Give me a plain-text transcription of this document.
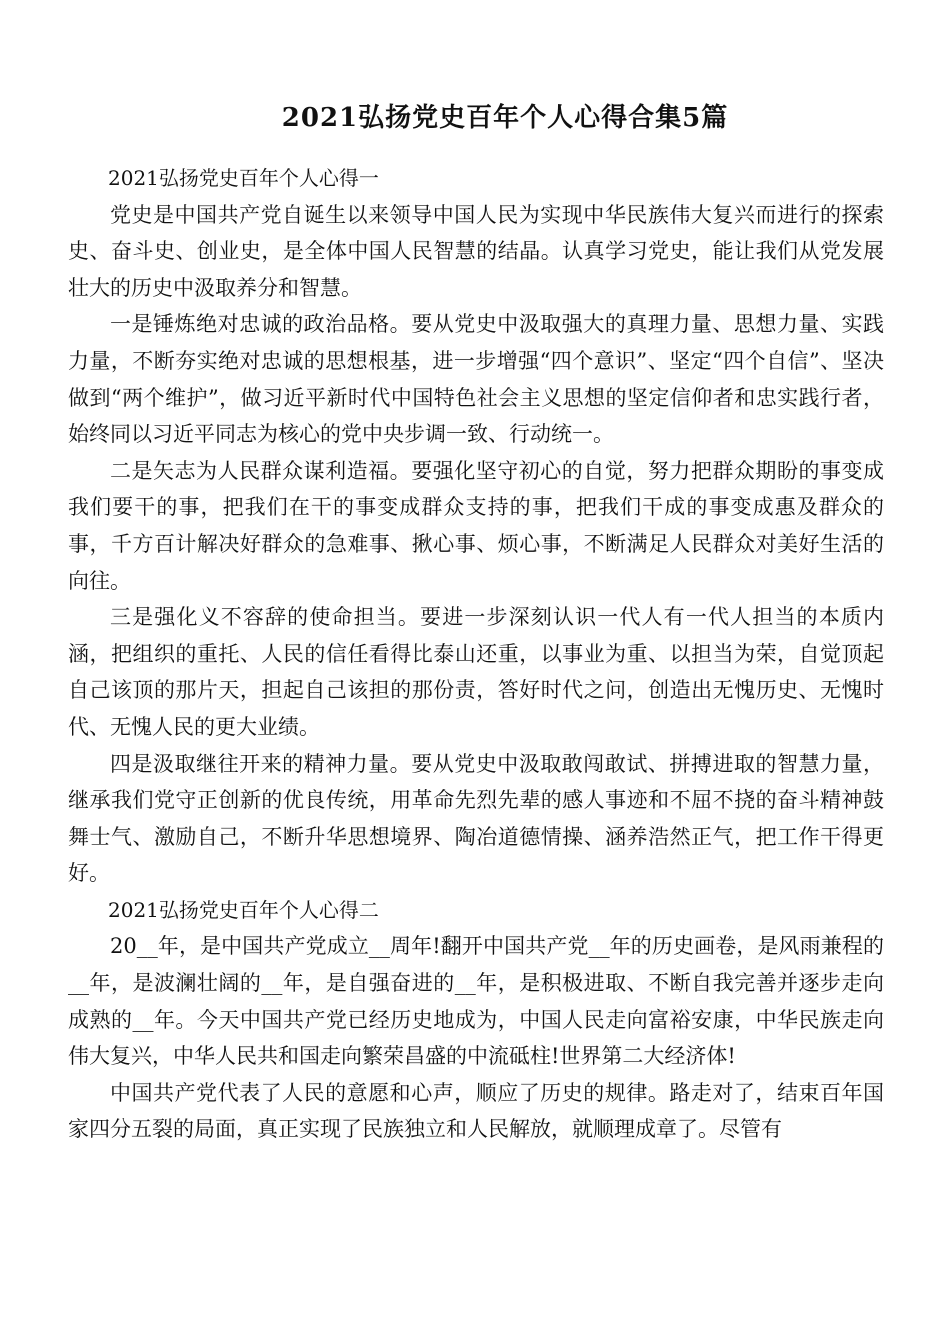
2021弘扬党史百年个人心得合集5篇

2021弘扬党史百年个人心得一

党史是中国共产党自诞生以来领导中国人民为实现中华民族伟大复兴而进行的探索史、奋斗史、创业史，是全体中国人民智慧的结晶。认真学习党史，能让我们从党发展壮大的历史中汲取养分和智慧。

一是锤炼绝对忠诚的政治品格。要从党史中汲取强大的真理力量、思想力量、实践力量，不断夯实绝对忠诚的思想根基，进一步增强“四个意识”、坚定“四个自信”、坚决做到“两个维护”，做习近平新时代中国特色社会主义思想的坚定信仰者和忠实践行者，始终同以习近平同志为核心的党中央步调一致、行动统一。

二是矢志为人民群众谋利造福。要强化坚守初心的自觉，努力把群众期盼的事变成我们要干的事，把我们在干的事变成群众支持的事，把我们干成的事变成惠及群众的事，千方百计解决好群众的急难事、揪心事、烦心事，不断满足人民群众对美好生活的向往。

三是强化义不容辞的使命担当。要进一步深刻认识一代人有一代人担当的本质内涵，把组织的重托、人民的信任看得比泰山还重，以事业为重、以担当为荣，自觉顶起自己该顶的那片天，担起自己该担的那份责，答好时代之问，创造出无愧历史、无愧时代、无愧人民的更大业绩。

四是汲取继往开来的精神力量。要从党史中汲取敢闯敢试、拼搏进取的智慧力量，继承我们党守正创新的优良传统，用革命先烈先辈的感人事迹和不屈不挠的奋斗精神鼓舞士气、激励自己，不断升华思想境界、陶冶道德情操、涵养浩然正气，把工作干得更好。

2021弘扬党史百年个人心得二

20__年，是中国共产党成立__周年!翻开中国共产党__年的历史画卷，是风雨兼程的__年，是波澜壮阔的__年，是自强奋进的__年，是积极进取、不断自我完善并逐步走向成熟的__年。今天中国共产党已经历史地成为，中国人民走向富裕安康，中华民族走向伟大复兴，中华人民共和国走向繁荣昌盛的中流砥柱!世界第二大经济体!

中国共产党代表了人民的意愿和心声，顺应了历史的规律。路走对了，结束百年国家四分五裂的局面，真正实现了民族独立和人民解放，就顺理成章了。尽管有
